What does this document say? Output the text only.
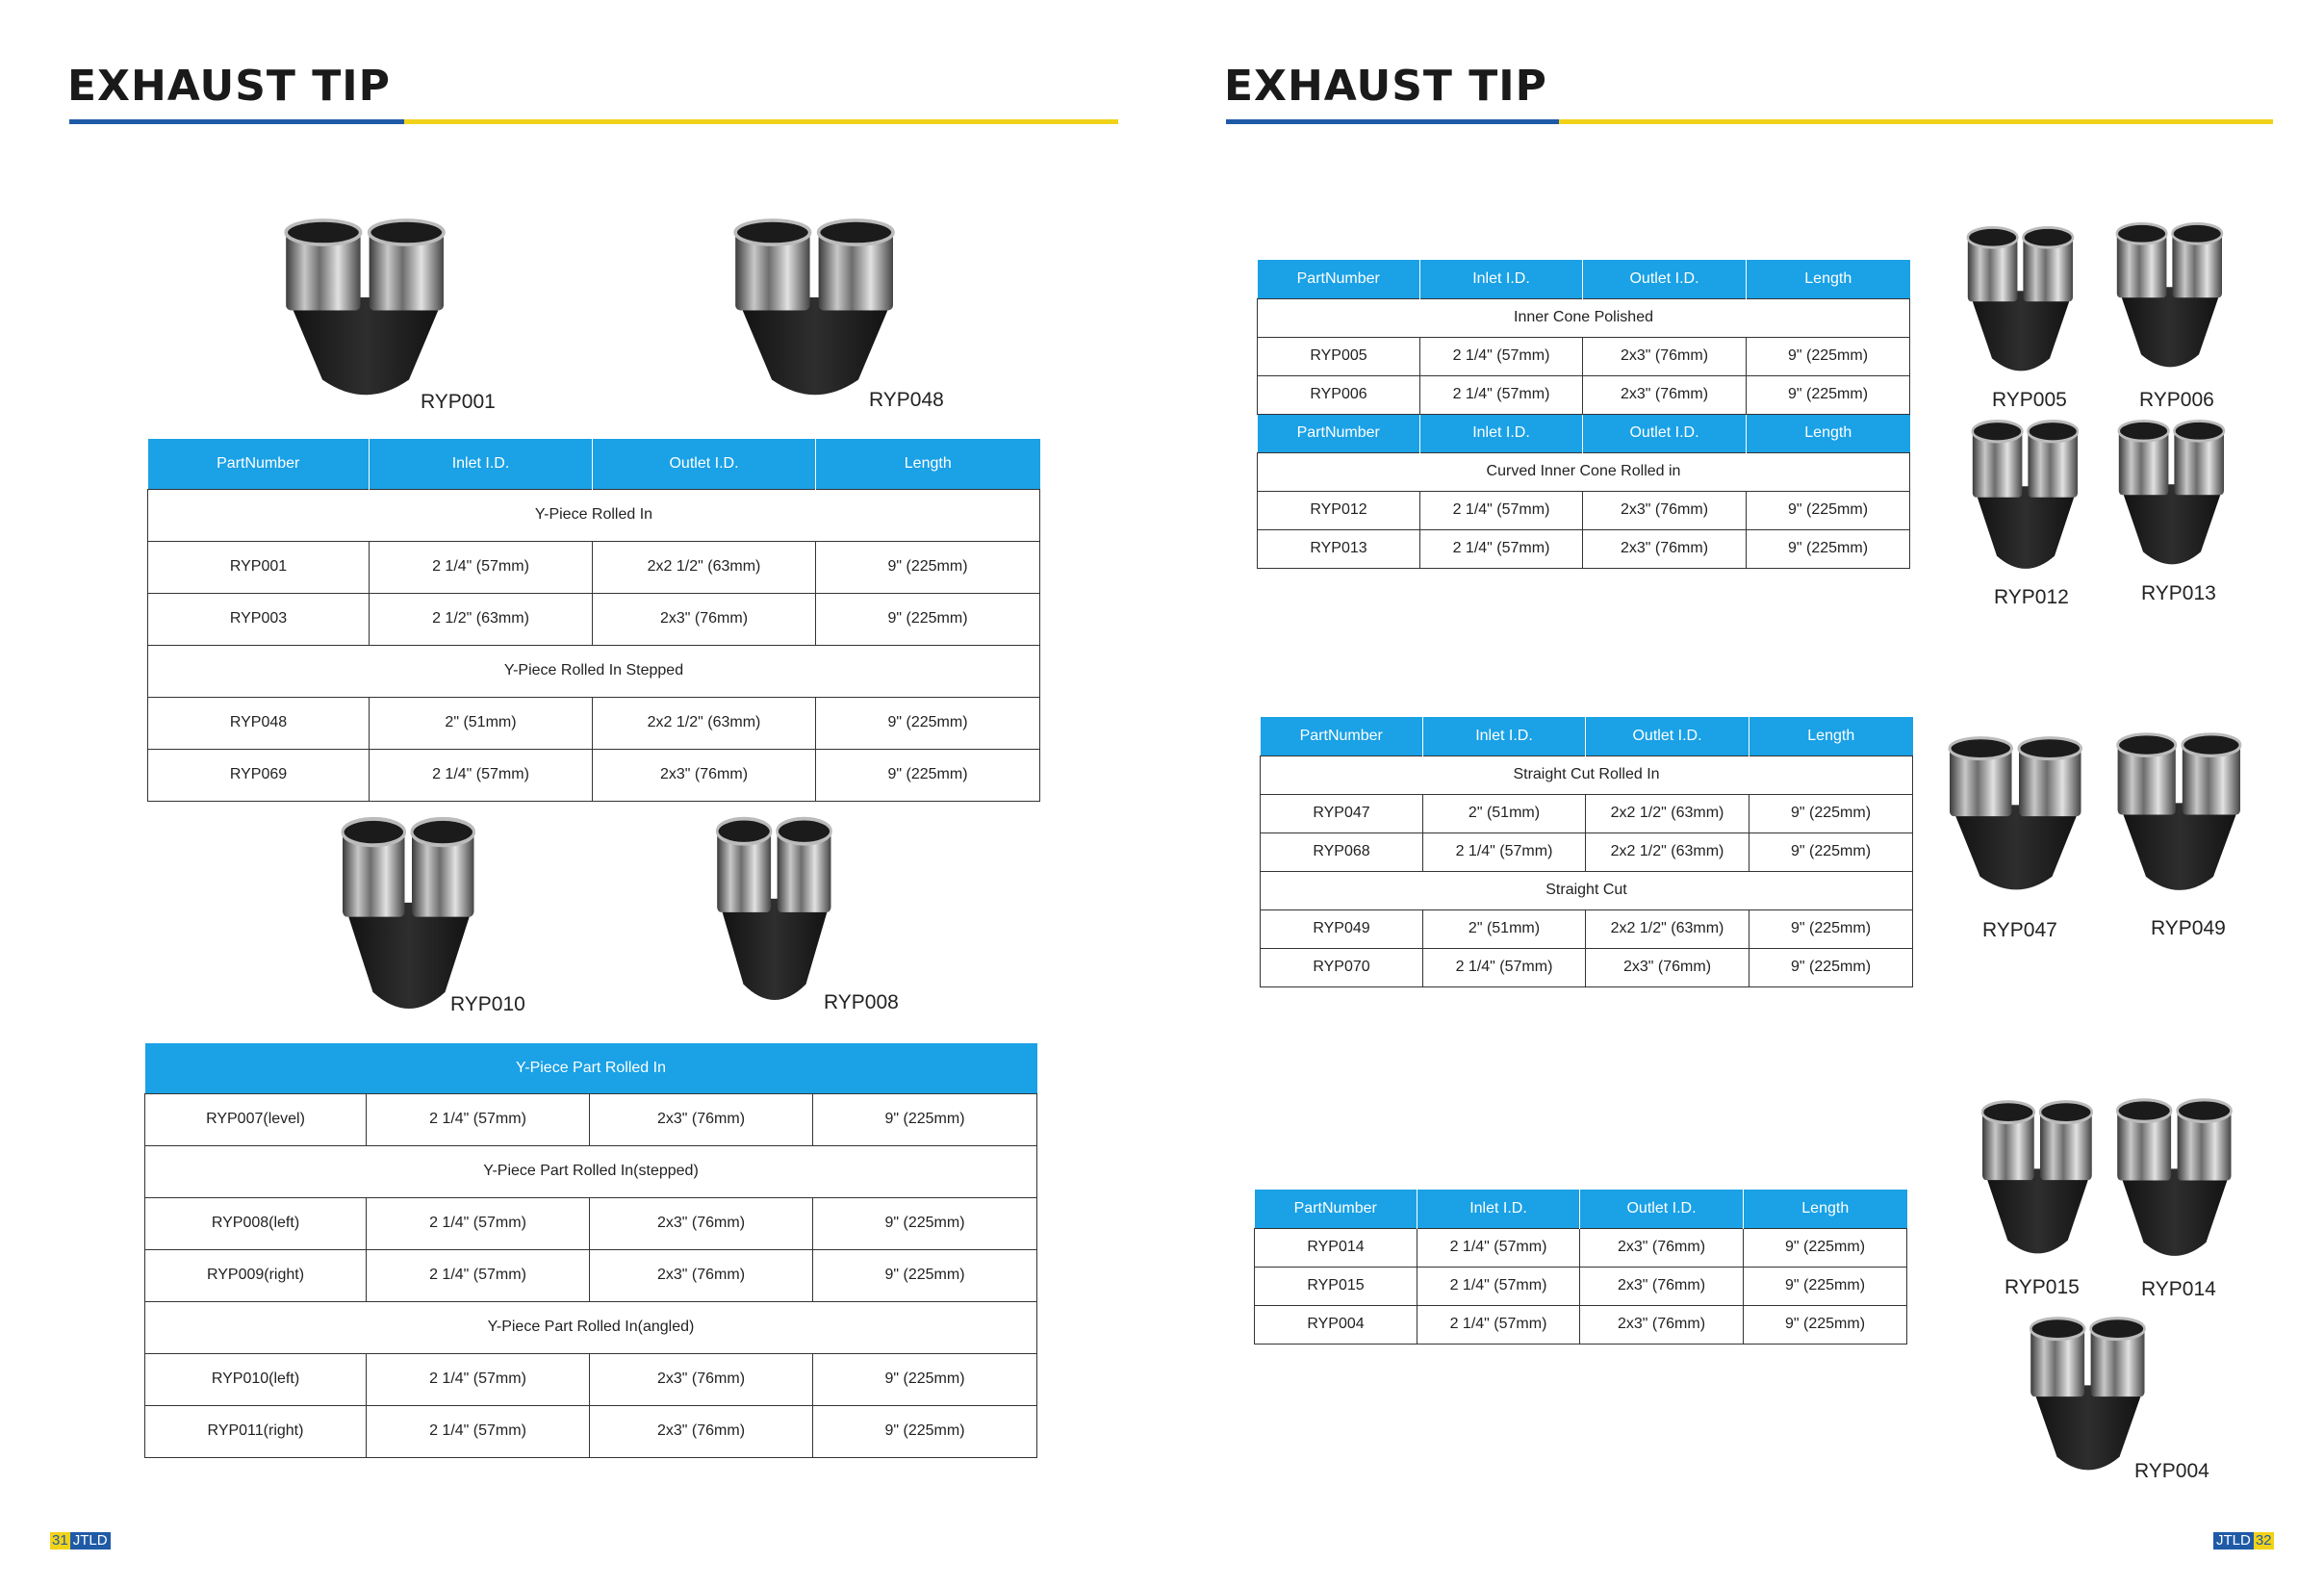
EXHAUST TIP
RYP001	RYP048
PartNumber	Inlet I.D.	Outlet I.D.	Length
Y-Piece Rolled In			
RYP001	2 1/4" (57mm)	2x2 1/2" (63mm)	9" (225mm)
RYP003	2 1/2" (63mm)	2x3" (76mm)	9" (225mm)
Y-Piece Rolled In Stepped			
RYP048	2" (51mm)	2x2 1/2" (63mm)	9" (225mm)
RYP069	2 1/4" (57mm)	2x3" (76mm)	9" (225mm)
RYP010	RYP008
Y-Piece Part Rolled In			
RYP007(level)	2 1/4" (57mm)	2x3" (76mm)	9" (225mm)
Y-Piece Part Rolled In(stepped)			
RYP008(left)	2 1/4" (57mm)	2x3" (76mm)	9" (225mm)
RYP009(right)	2 1/4" (57mm)	2x3" (76mm)	9" (225mm)
Y-Piece Part Rolled In(angled)			
RYP010(left)	2 1/4" (57mm)	2x3" (76mm)	9" (225mm)
RYP011(right)	2 1/4" (57mm)	2x3" (76mm)	9" (225mm)
31 JTLD
EXHAUST TIP
PartNumber	Inlet I.D.	Outlet I.D.	Length
Inner Cone Polished			
RYP005	2 1/4" (57mm)	2x3" (76mm)	9" (225mm)
RYP006	2 1/4" (57mm)	2x3" (76mm)	9" (225mm)
PartNumber	Inlet I.D.	Outlet I.D.	Length
Curved Inner Cone Rolled in			
RYP012	2 1/4" (57mm)	2x3" (76mm)	9" (225mm)
RYP013	2 1/4" (57mm)	2x3" (76mm)	9" (225mm)
RYP005	RYP006
RYP012	RYP013
PartNumber	Inlet I.D.	Outlet I.D.	Length
Straight Cut Rolled In			
RYP047	2" (51mm)	2x2 1/2" (63mm)	9" (225mm)
RYP068	2 1/4" (57mm)	2x2 1/2" (63mm)	9" (225mm)
Straight Cut			
RYP049	2" (51mm)	2x2 1/2" (63mm)	9" (225mm)
RYP070	2 1/4" (57mm)	2x3" (76mm)	9" (225mm)
RYP047	RYP049
PartNumber	Inlet I.D.	Outlet I.D.	Length
RYP014	2 1/4" (57mm)	2x3" (76mm)	9" (225mm)
RYP015	2 1/4" (57mm)	2x3" (76mm)	9" (225mm)
RYP004	2 1/4" (57mm)	2x3" (76mm)	9" (225mm)
RYP015	RYP014
RYP004
JTLD 32
